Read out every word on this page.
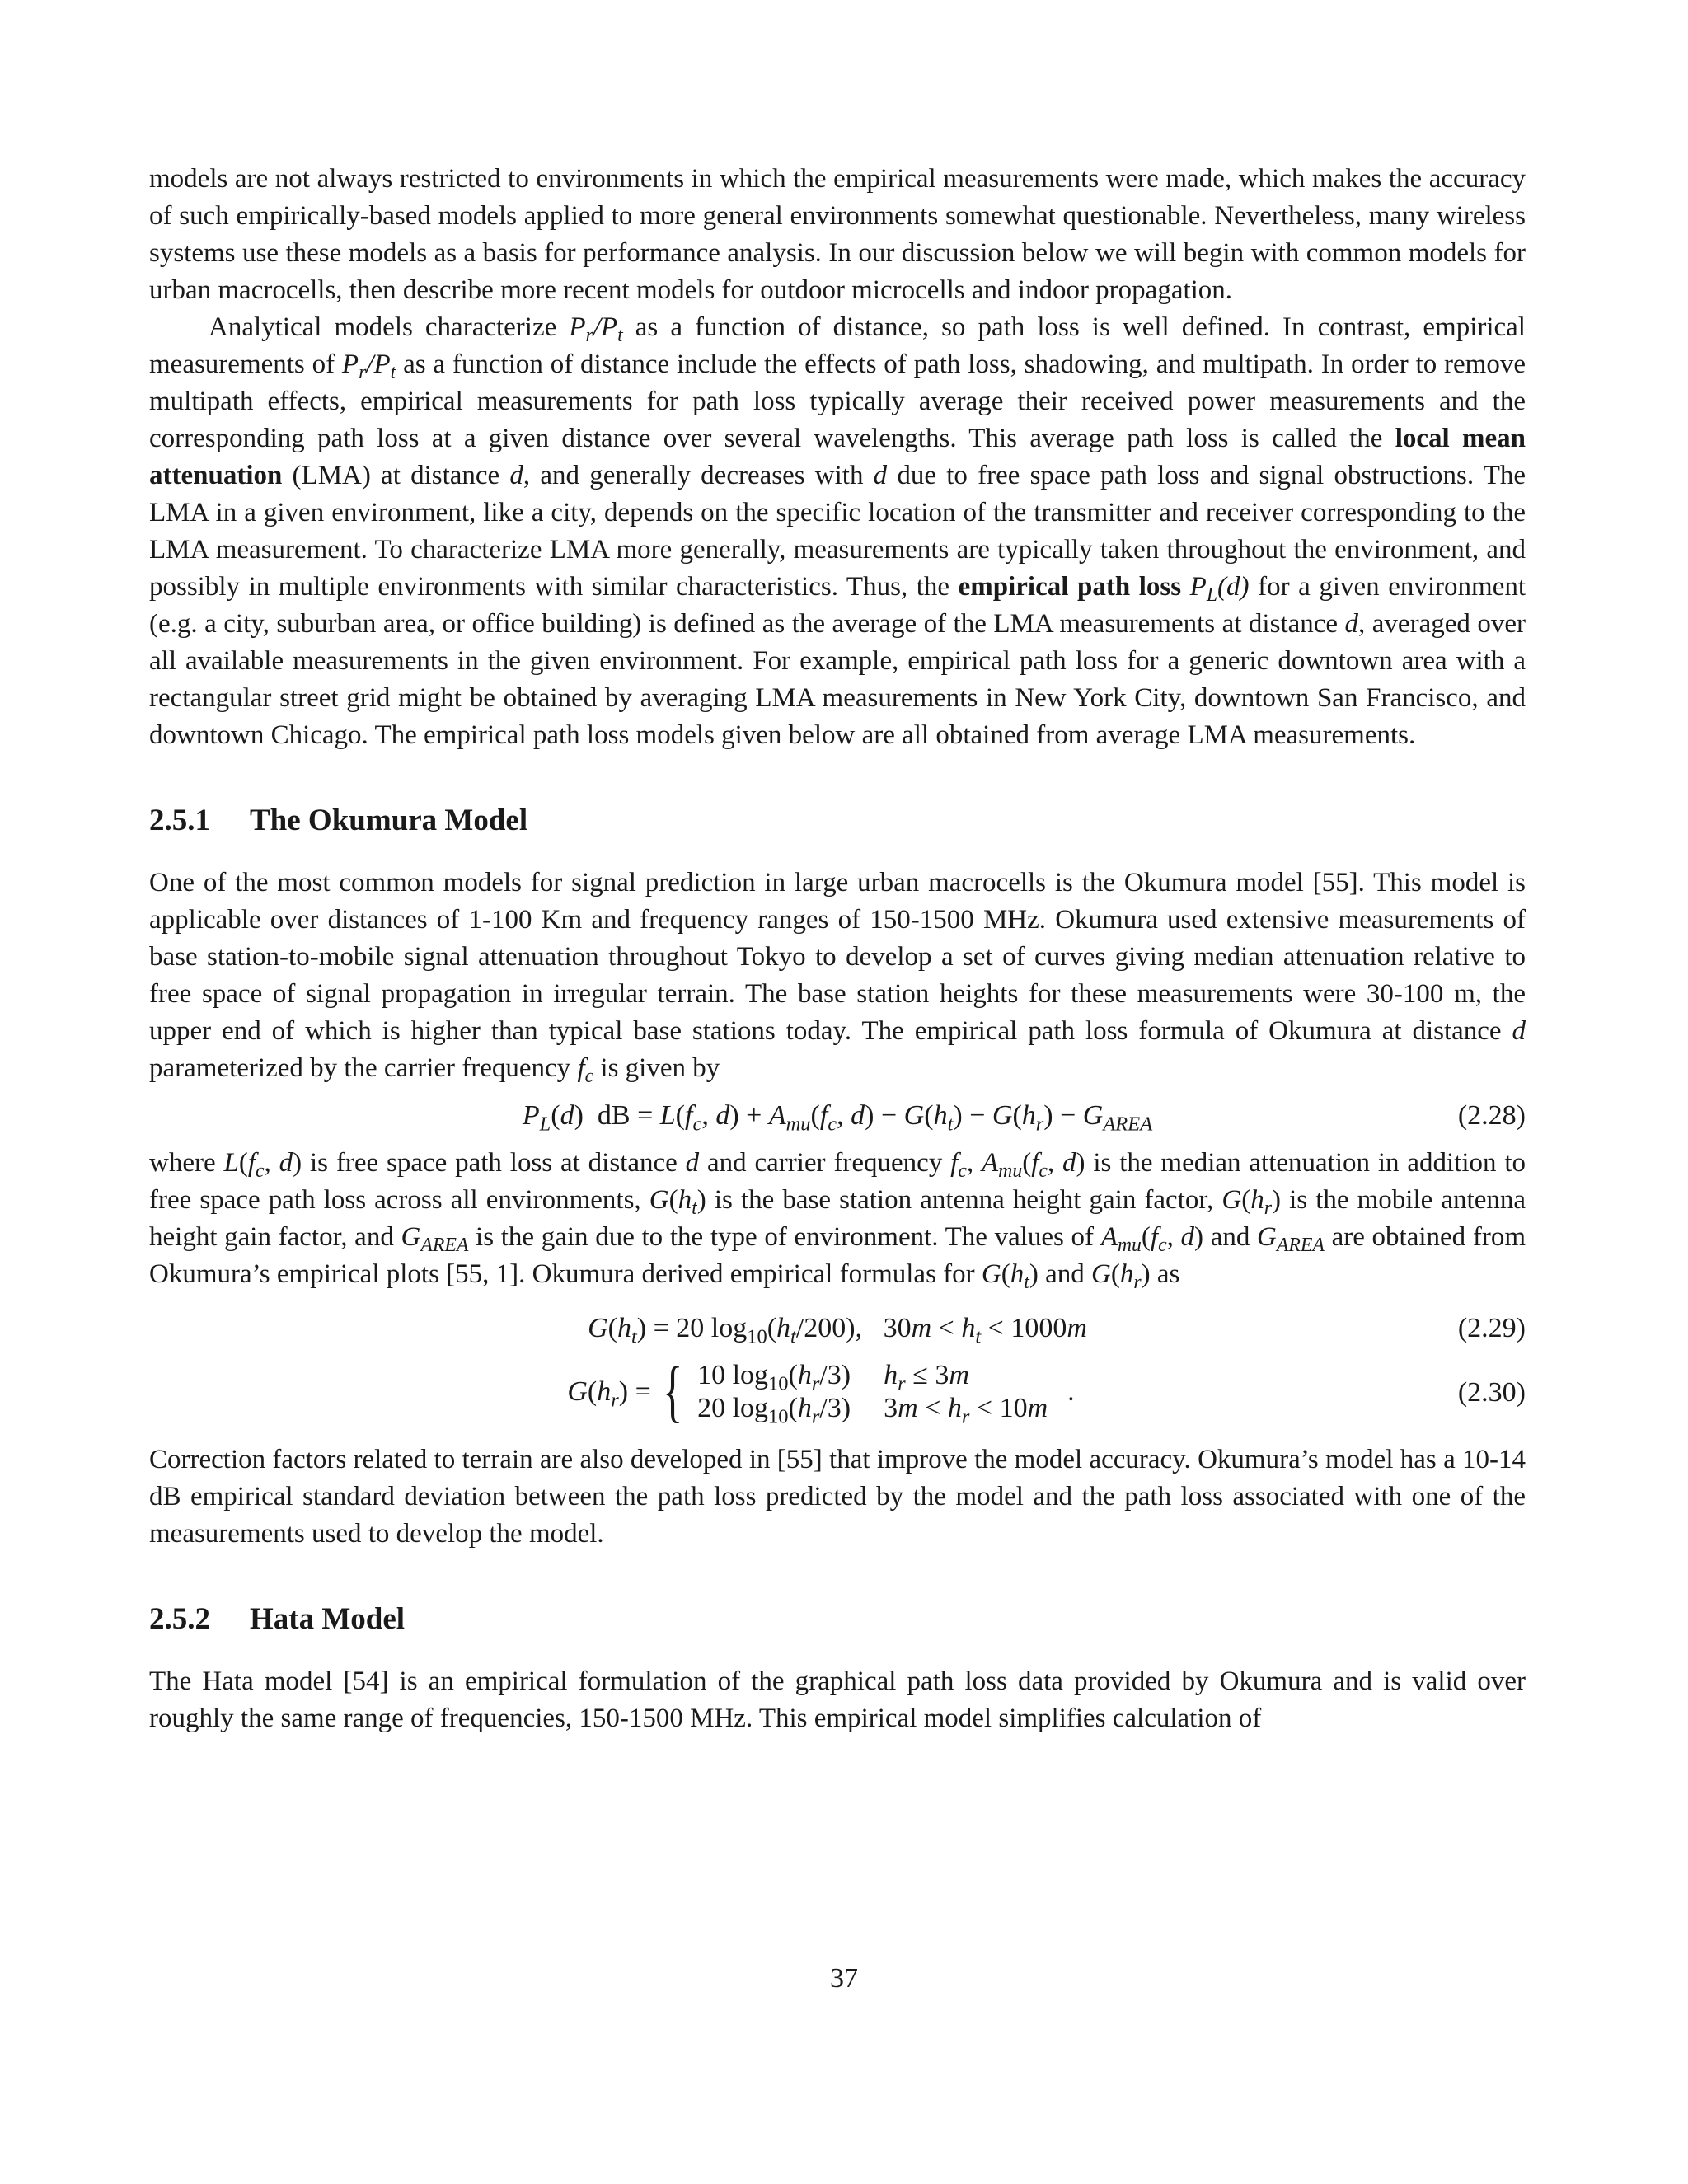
models are not always restricted to environments in which the empirical measurements were made, which makes the accuracy of such empirically-based models applied to more general environments somewhat questionable. Nevertheless, many wireless systems use these models as a basis for performance analysis. In our discussion below we will begin with common models for urban macrocells, then describe more recent models for outdoor microcells and indoor propagation.

Analytical models characterize $P_r/P_t$ as a function of distance, so path loss is well defined. In contrast, empirical measurements of $P_r/P_t$ as a function of distance include the effects of path loss, shadowing, and multipath. In order to remove multipath effects, empirical measurements for path loss typically average their received power measurements and the corresponding path loss at a given distance over several wavelengths. This average path loss is called the local mean attenuation (LMA) at distance d, and generally decreases with d due to free space path loss and signal obstructions. The LMA in a given environment, like a city, depends on the specific location of the transmitter and receiver corresponding to the LMA measurement. To characterize LMA more generally, measurements are typically taken throughout the environment, and possibly in multiple environments with similar characteristics. Thus, the empirical path loss $P_L(d)$ for a given environment (e.g. a city, suburban area, or office building) is defined as the average of the LMA measurements at distance d, averaged over all available measurements in the given environment. For example, empirical path loss for a generic downtown area with a rectangular street grid might be obtained by averaging LMA measurements in New York City, downtown San Francisco, and downtown Chicago. The empirical path loss models given below are all obtained from average LMA measurements.

2.5.1 The Okumura Model

One of the most common models for signal prediction in large urban macrocells is the Okumura model [55]. This model is applicable over distances of 1-100 Km and frequency ranges of 150-1500 MHz. Okumura used extensive measurements of base station-to-mobile signal attenuation throughout Tokyo to develop a set of curves giving median attenuation relative to free space of signal propagation in irregular terrain. The base station heights for these measurements were 30-100 m, the upper end of which is higher than typical base stations today. The empirical path loss formula of Okumura at distance d parameterized by the carrier frequency $f_c$ is given by

$P_L(d)$  dB = $L(f_c$, $d) + A_{mu}(f_c$, $d) - G(h_t) - G(h_r) - G_{AREA}$	(2.28)

where $L(f_c$, d) is free space path loss at distance d and carrier frequency $f_c$, $A_{mu}(f_c$, d) is the median attenuation in addition to free space path loss across all environments, $G(h_t)$ is the base station antenna height gain factor, $G(h_r)$ is the mobile antenna height gain factor, and $G_{AREA}$ is the gain due to the type of environment. The values of $A_{mu}(f_c$, d) and $G_{AREA}$ are obtained from Okumura’s empirical plots [55, 1]. Okumura derived empirical formulas for $G(h_t)$ and $G(h_r)$ as

$G(h_t) = 20$ $\log_{10}(h_t/200)$,   $30m < h_t < 1000m$	(2.29)
$G(h_r)$ = { 10 $\log_{10}(h_r/3) h_r \le 3m$
20 $\log_{10}(h_r/3) 3m < h_r < 10m$
.	(2.30)

Correction factors related to terrain are also developed in [55] that improve the model accuracy. Okumura’s model has a 10-14 dB empirical standard deviation between the path loss predicted by the model and the path loss associated with one of the measurements used to develop the model.

2.5.2 Hata Model

The Hata model [54] is an empirical formulation of the graphical path loss data provided by Okumura and is valid over roughly the same range of frequencies, 150-1500 MHz. This empirical model simplifies calculation of

37
